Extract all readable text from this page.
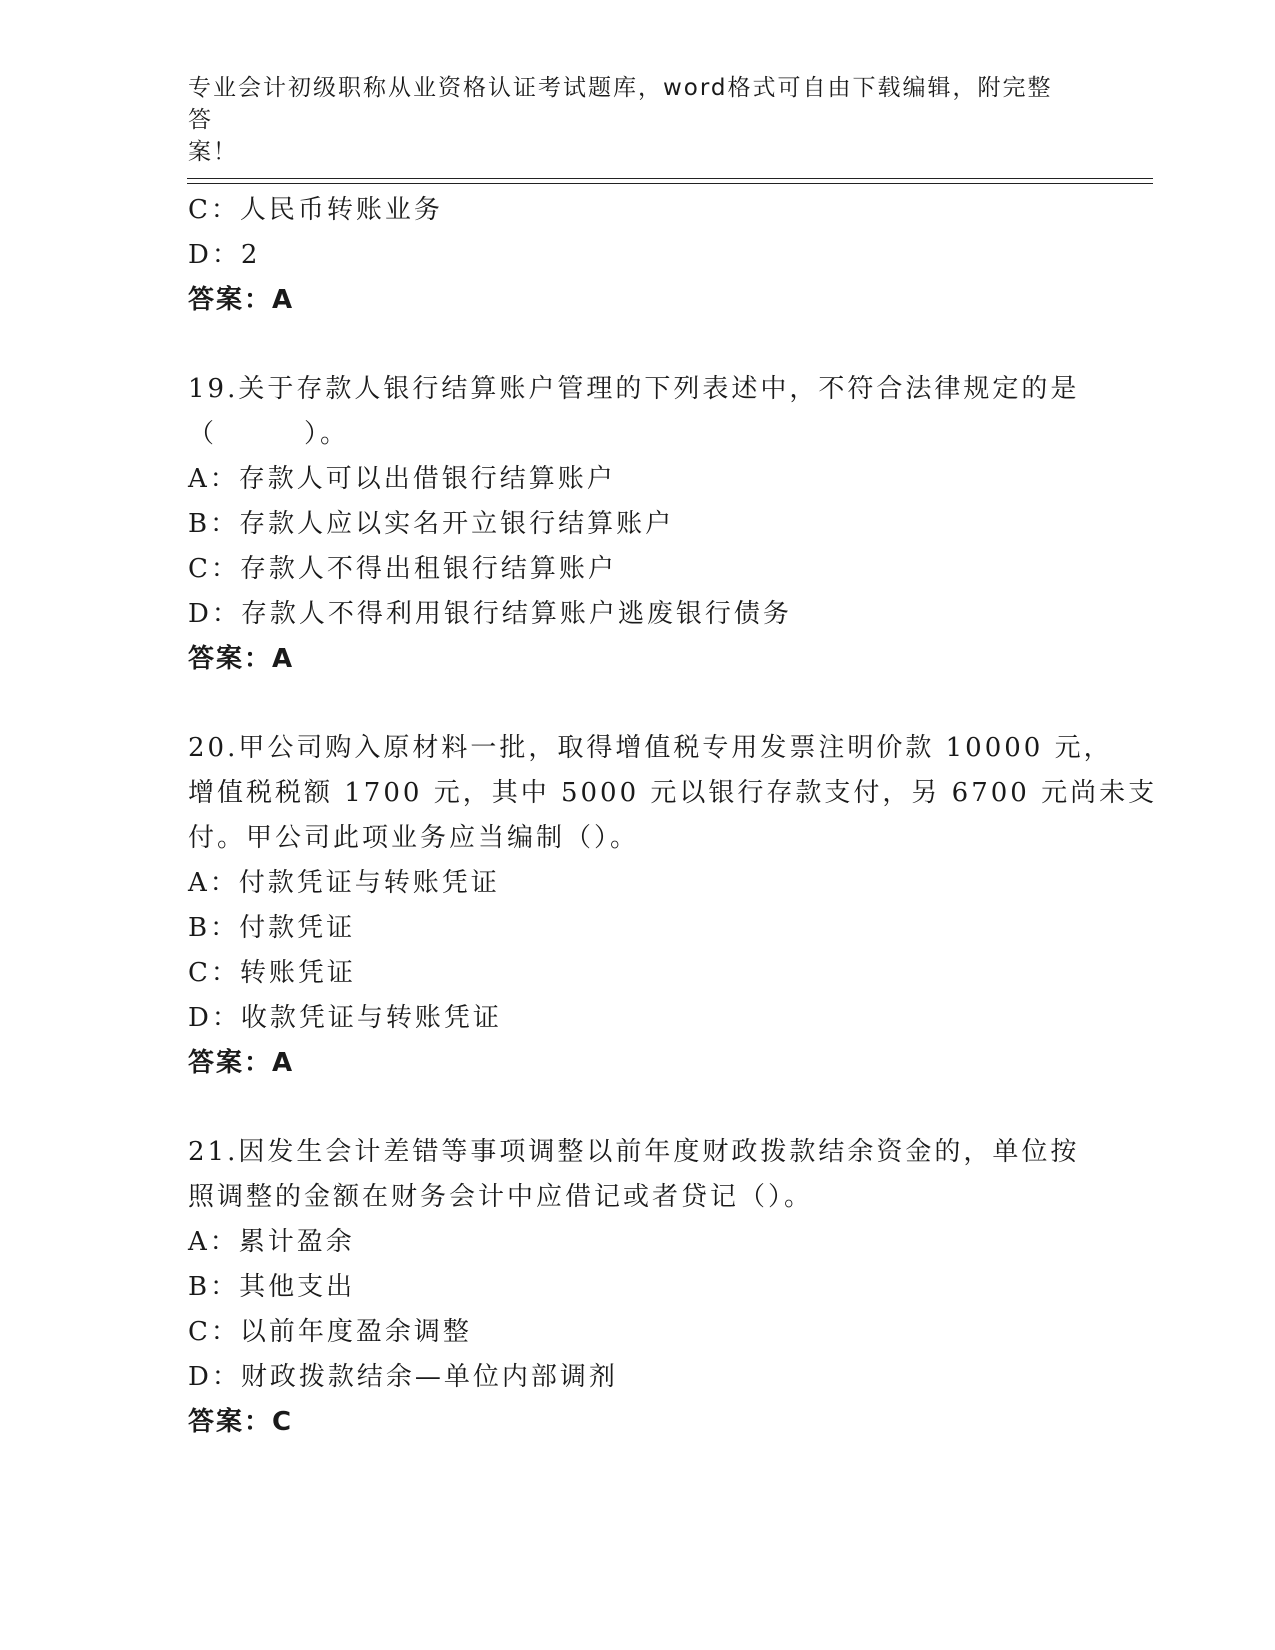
专业会计初级职称从业资格认证考试题库，word格式可自由下载编辑，附完整答
案！
C：人民币转账业务
D：2
答案：A
19.关于存款人银行结算账户管理的下列表述中，不符合法律规定的是
（　　　）。
A：存款人可以出借银行结算账户
B：存款人应以实名开立银行结算账户
C：存款人不得出租银行结算账户
D：存款人不得利用银行结算账户逃废银行债务
答案：A
20.甲公司购入原材料一批，取得增值税专用发票注明价款 10000 元，
增值税税额 1700 元，其中 5000 元以银行存款支付，另 6700 元尚未支
付。甲公司此项业务应当编制（）。
A：付款凭证与转账凭证
B：付款凭证
C：转账凭证
D：收款凭证与转账凭证
答案：A
21.因发生会计差错等事项调整以前年度财政拨款结余资金的，单位按
照调整的金额在财务会计中应借记或者贷记（）。
A：累计盈余
B：其他支出
C：以前年度盈余调整
D：财政拨款结余—单位内部调剂
答案：C
